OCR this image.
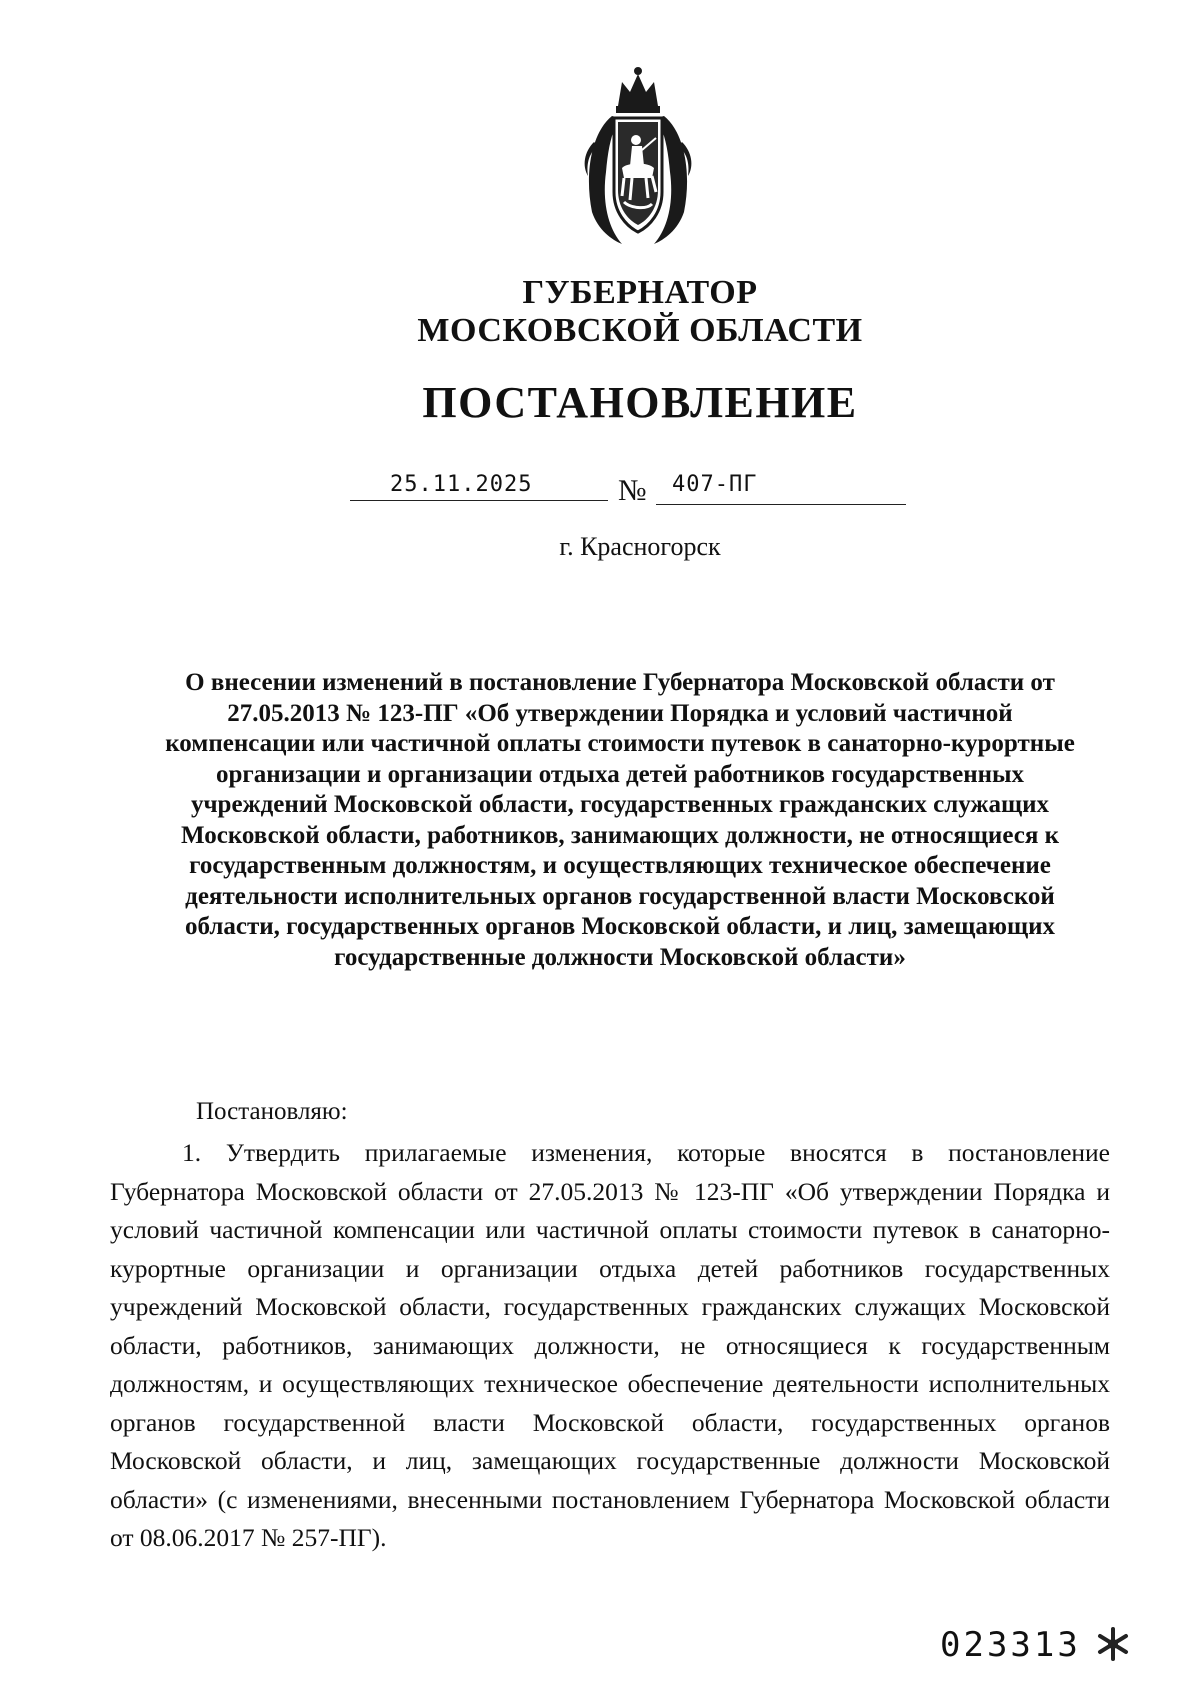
ГУБЕРНАТОР
МОСКОВСКОЙ ОБЛАСТИ
ПОСТАНОВЛЕНИЕ
25.11.2025	№ 407-ПГ
г. Красногорск

О внесении изменений в постановление Губернатора Московской области от 27.05.2013 № 123-ПГ «Об утверждении Порядка и условий частичной компенсации или частичной оплаты стоимости путевок в санаторно-курортные организации и организации отдыха детей работников государственных учреждений Московской области, государственных гражданских служащих Московской области, работников, занимающих должности, не относящиеся к государственным должностям, и осуществляющих техническое обеспечение деятельности исполнительных органов государственной власти Московской области, государственных органов Московской области, и лиц, замещающих государственные должности Московской области»

Постановляю:

1. Утвердить прилагаемые изменения, которые вносятся в постановление Губернатора Московской области от 27.05.2013 № 123-ПГ «Об утверждении Порядка и условий частичной компенсации или частичной оплаты стоимости путевок в санаторно-курортные организации и организации отдыха детей работников государственных учреждений Московской области, государственных гражданских служащих Московской области, работников, занимающих должности, не относящиеся к государственным должностям, и осуществляющих техническое обеспечение деятельности исполнительных органов государственной власти Московской области, государственных органов Московской области, и лиц, замещающих государственные должности Московской области» (с изменениями, внесенными постановлением Губернатора Московской области от 08.06.2017 № 257-ПГ).

023313
